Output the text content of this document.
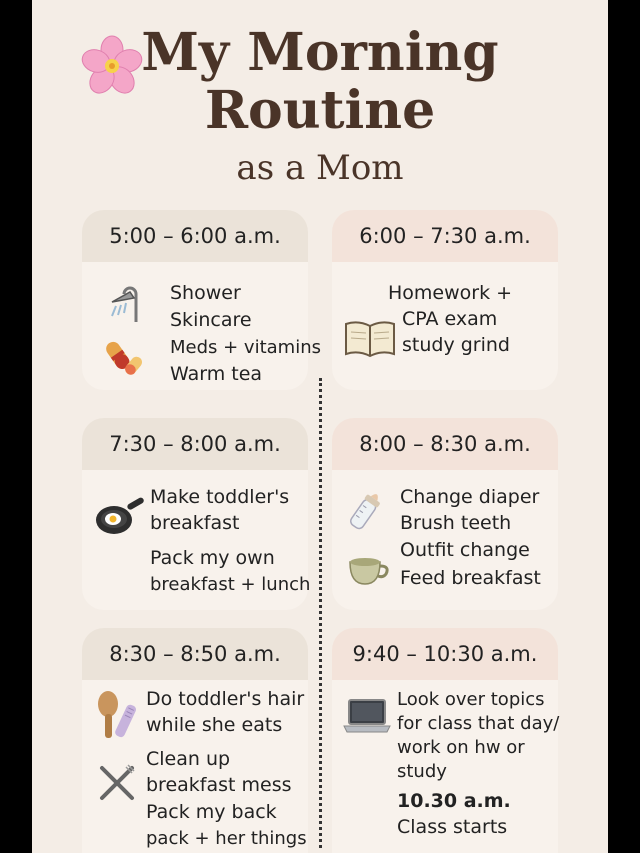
My Morning
Routine
as a Mom
5:00 – 6:00 a.m.
Shower
Skincare
Meds + vitamins
Warm tea
6:00 – 7:30 a.m.
Homework +
CPA exam
study grind
7:30 – 8:00 a.m.
Make toddler's
breakfast
Pack my own
breakfast + lunch
8:00 – 8:30 a.m.
Change diaper
Brush teeth
Outfit change
Feed breakfast
8:30 – 8:50 a.m.
Do toddler's hair
while she eats
Clean up
breakfast mess
Pack my back
pack + her things
9:40 – 10:30 a.m.
Look over topics
for class that day/
work on hw or
study
10.30 a.m.
Class starts
